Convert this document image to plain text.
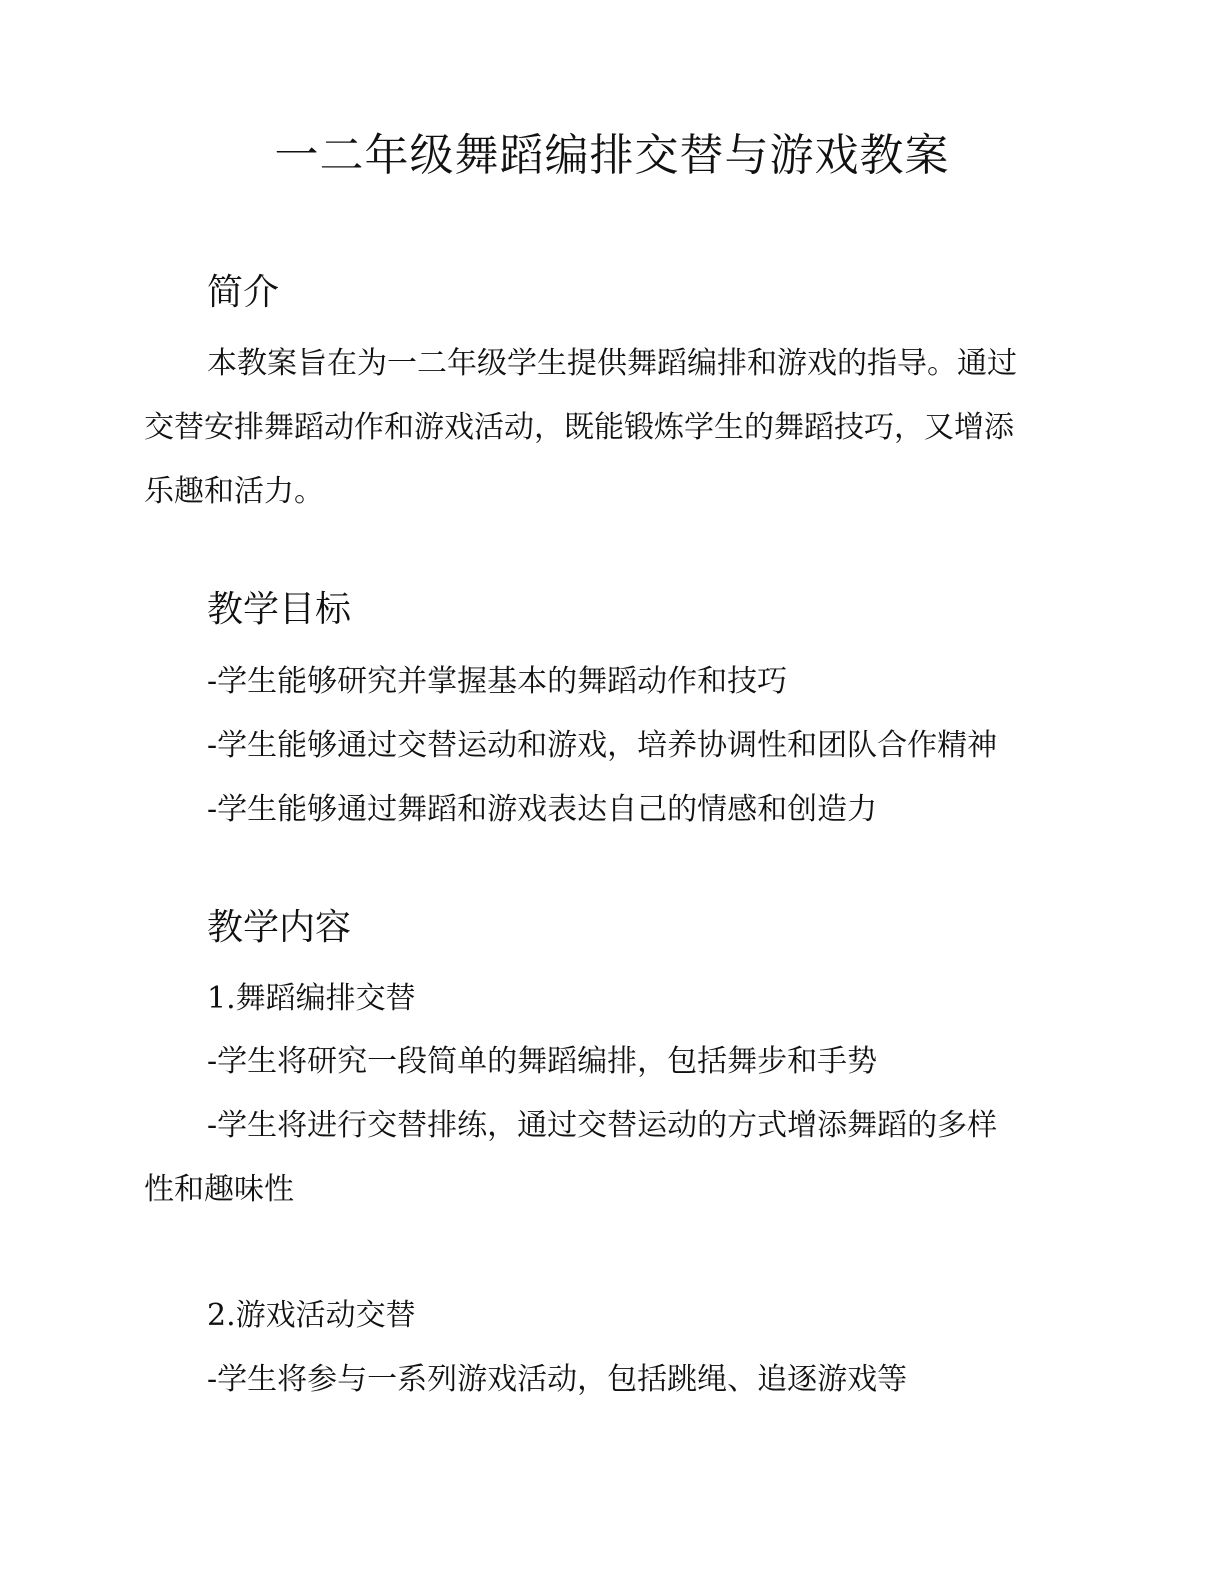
一二年级舞蹈编排交替与游戏教案
简介
本教案旨在为一二年级学生提供舞蹈编排和游戏的指导。通过
交替安排舞蹈动作和游戏活动，既能锻炼学生的舞蹈技巧，又增添
乐趣和活力。
教学目标
-学生能够研究并掌握基本的舞蹈动作和技巧
-学生能够通过交替运动和游戏，培养协调性和团队合作精神
-学生能够通过舞蹈和游戏表达自己的情感和创造力
教学内容
1.舞蹈编排交替
-学生将研究一段简单的舞蹈编排，包括舞步和手势
-学生将进行交替排练，通过交替运动的方式增添舞蹈的多样
性和趣味性
2.游戏活动交替
-学生将参与一系列游戏活动，包括跳绳、追逐游戏等
